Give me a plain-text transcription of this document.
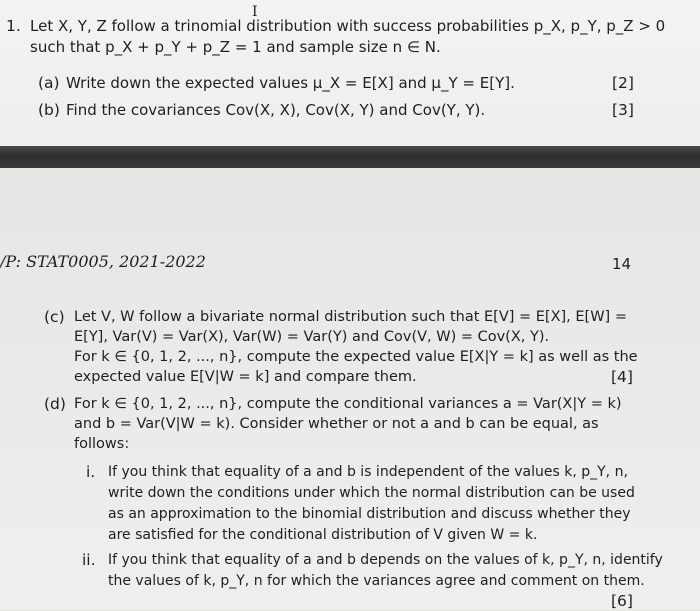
I
1. Let X, Y, Z follow a trinomial distribution with success probabilities p_X, p_Y, p_Z > 0
such that p_X + p_Y + p_Z = 1 and sample size n ∈ N.
(a) Write down the expected values μ_X = E[X] and μ_Y = E[Y].	[2]
(b) Find the covariances Cov(X, X), Cov(X, Y) and Cov(Y, Y).	[3]
/P: STAT0005, 2021-2022	14
(c) Let V, W follow a bivariate normal distribution such that E[V] = E[X], E[W] =
E[Y], Var(V) = Var(X), Var(W) = Var(Y) and Cov(V, W) = Cov(X, Y).
For k ∈ {0, 1, 2, ..., n}, compute the expected value E[X|Y = k] as well as the
expected value E[V|W = k] and compare them.	[4]
(d) For k ∈ {0, 1, 2, ..., n}, compute the conditional variances a = Var(X|Y = k)
and b = Var(V|W = k). Consider whether or not a and b can be equal, as
follows:
i. If you think that equality of a and b is independent of the values k, p_Y, n,
write down the conditions under which the normal distribution can be used
as an approximation to the binomial distribution and discuss whether they
are satisfied for the conditional distribution of V given W = k.
ii. If you think that equality of a and b depends on the values of k, p_Y, n, identify
the values of k, p_Y, n for which the variances agree and comment on them.
[6]
